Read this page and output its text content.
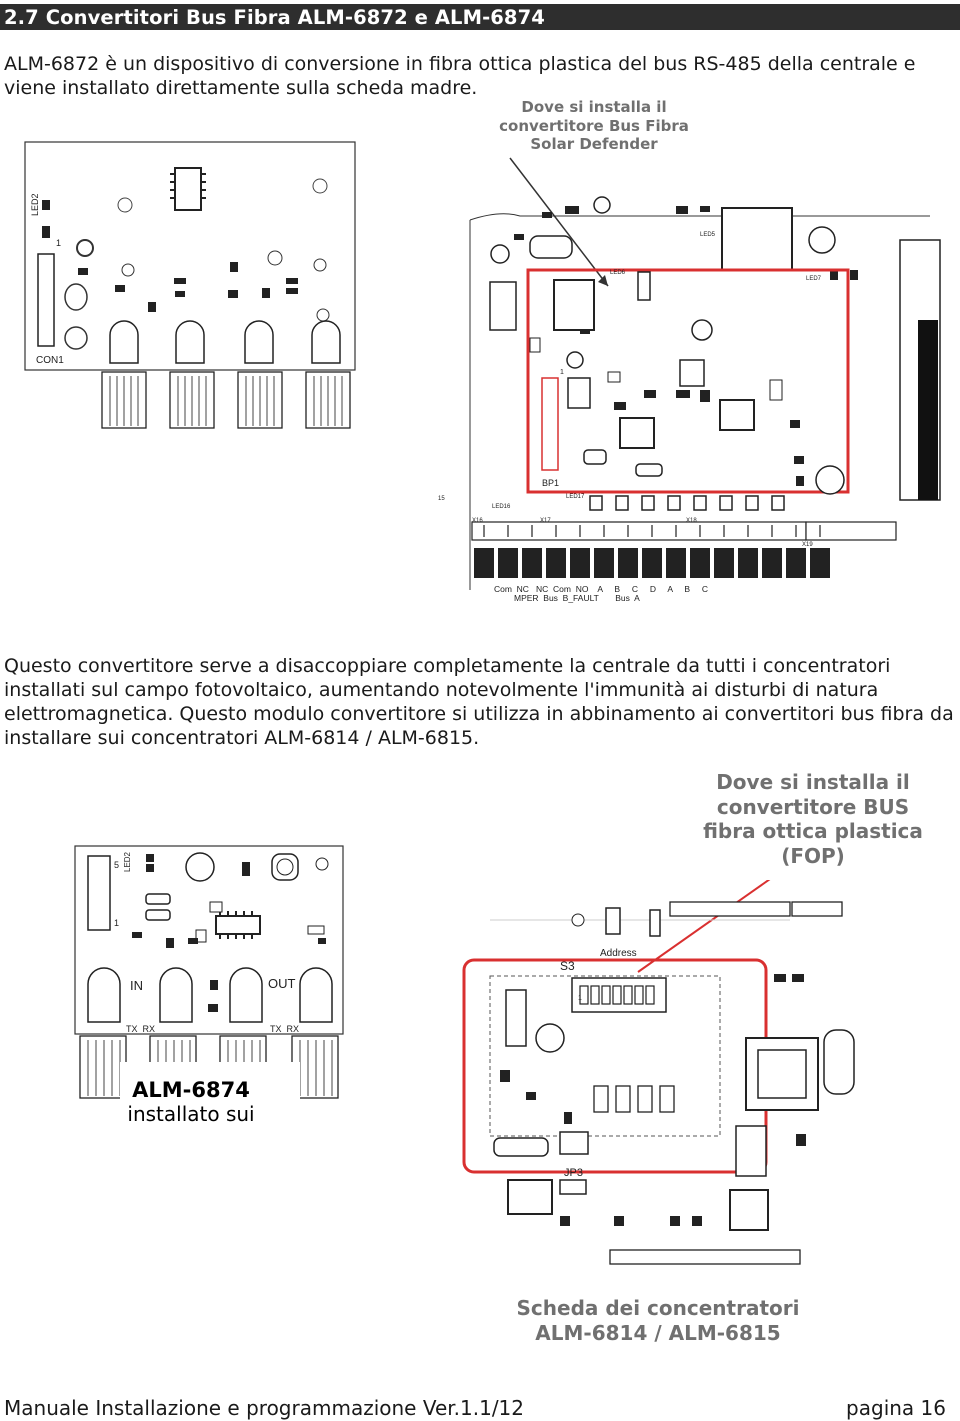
2.7 Convertitori Bus Fibra ALM-6872 e ALM-6874

ALM-6872 è un dispositivo di conversione in fibra ottica plastica del bus RS-485 della centrale e viene installato direttamente sulla scheda madre.

Dove si installa il convertitore Bus Fibra Solar Defender
LED2
1
CON1
LED6
LED7
LED5
BP1
1
LED16
LED17
X16	X17	X18
X19
15
Com  NC   NC  Com  NO    A     B     C     D     A     B     C
MPER  Bus  B_FAULT       Bus  A

Questo convertitore serve a disaccoppiare completamente la centrale da tutti i concentratori installati sul campo fotovoltaico, aumentando notevolmente l'immunità ai disturbi di natura elettromagnetica. Questo modulo convertitore si utilizza in abbinamento ai convertitori bus fibra da installare sui concentratori ALM-6814 / ALM-6815.

Dove si installa il convertitore BUS fibra ottica plastica (FOP)
5
1
LED2
IN	OUT
TX  RX	TX  RX
ALM-6874
installato sui
S3
Address
1
JP3
Scheda dei concentratori ALM-6814 / ALM-6815
Manuale Installazione e programmazione Ver.1.1/12	pagina 16
